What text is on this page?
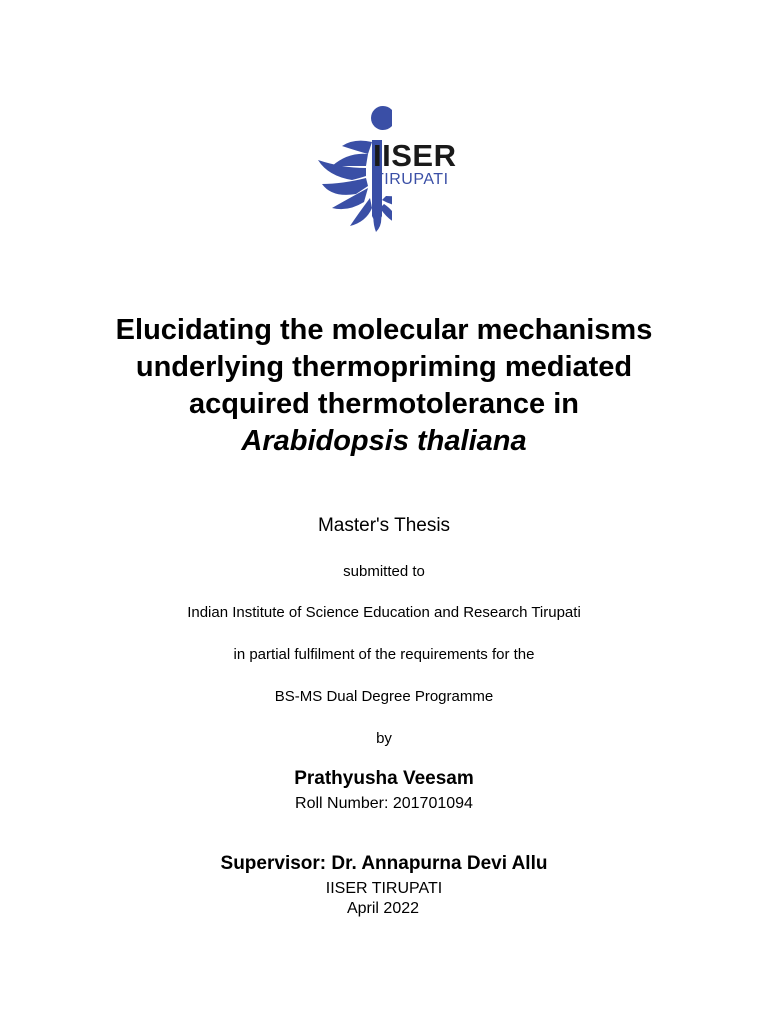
IISER
TIRUPATI
Elucidating the molecular mechanisms
underlying thermopriming mediated
acquired thermotolerance in
Arabidopsis thaliana
Master's Thesis
submitted to
Indian Institute of Science Education and Research Tirupati
in partial fulfilment of the requirements for the
BS-MS Dual Degree Programme
by
Prathyusha Veesam
Roll Number: 201701094
Supervisor: Dr. Annapurna Devi Allu
IISER TIRUPATI
April 2022
